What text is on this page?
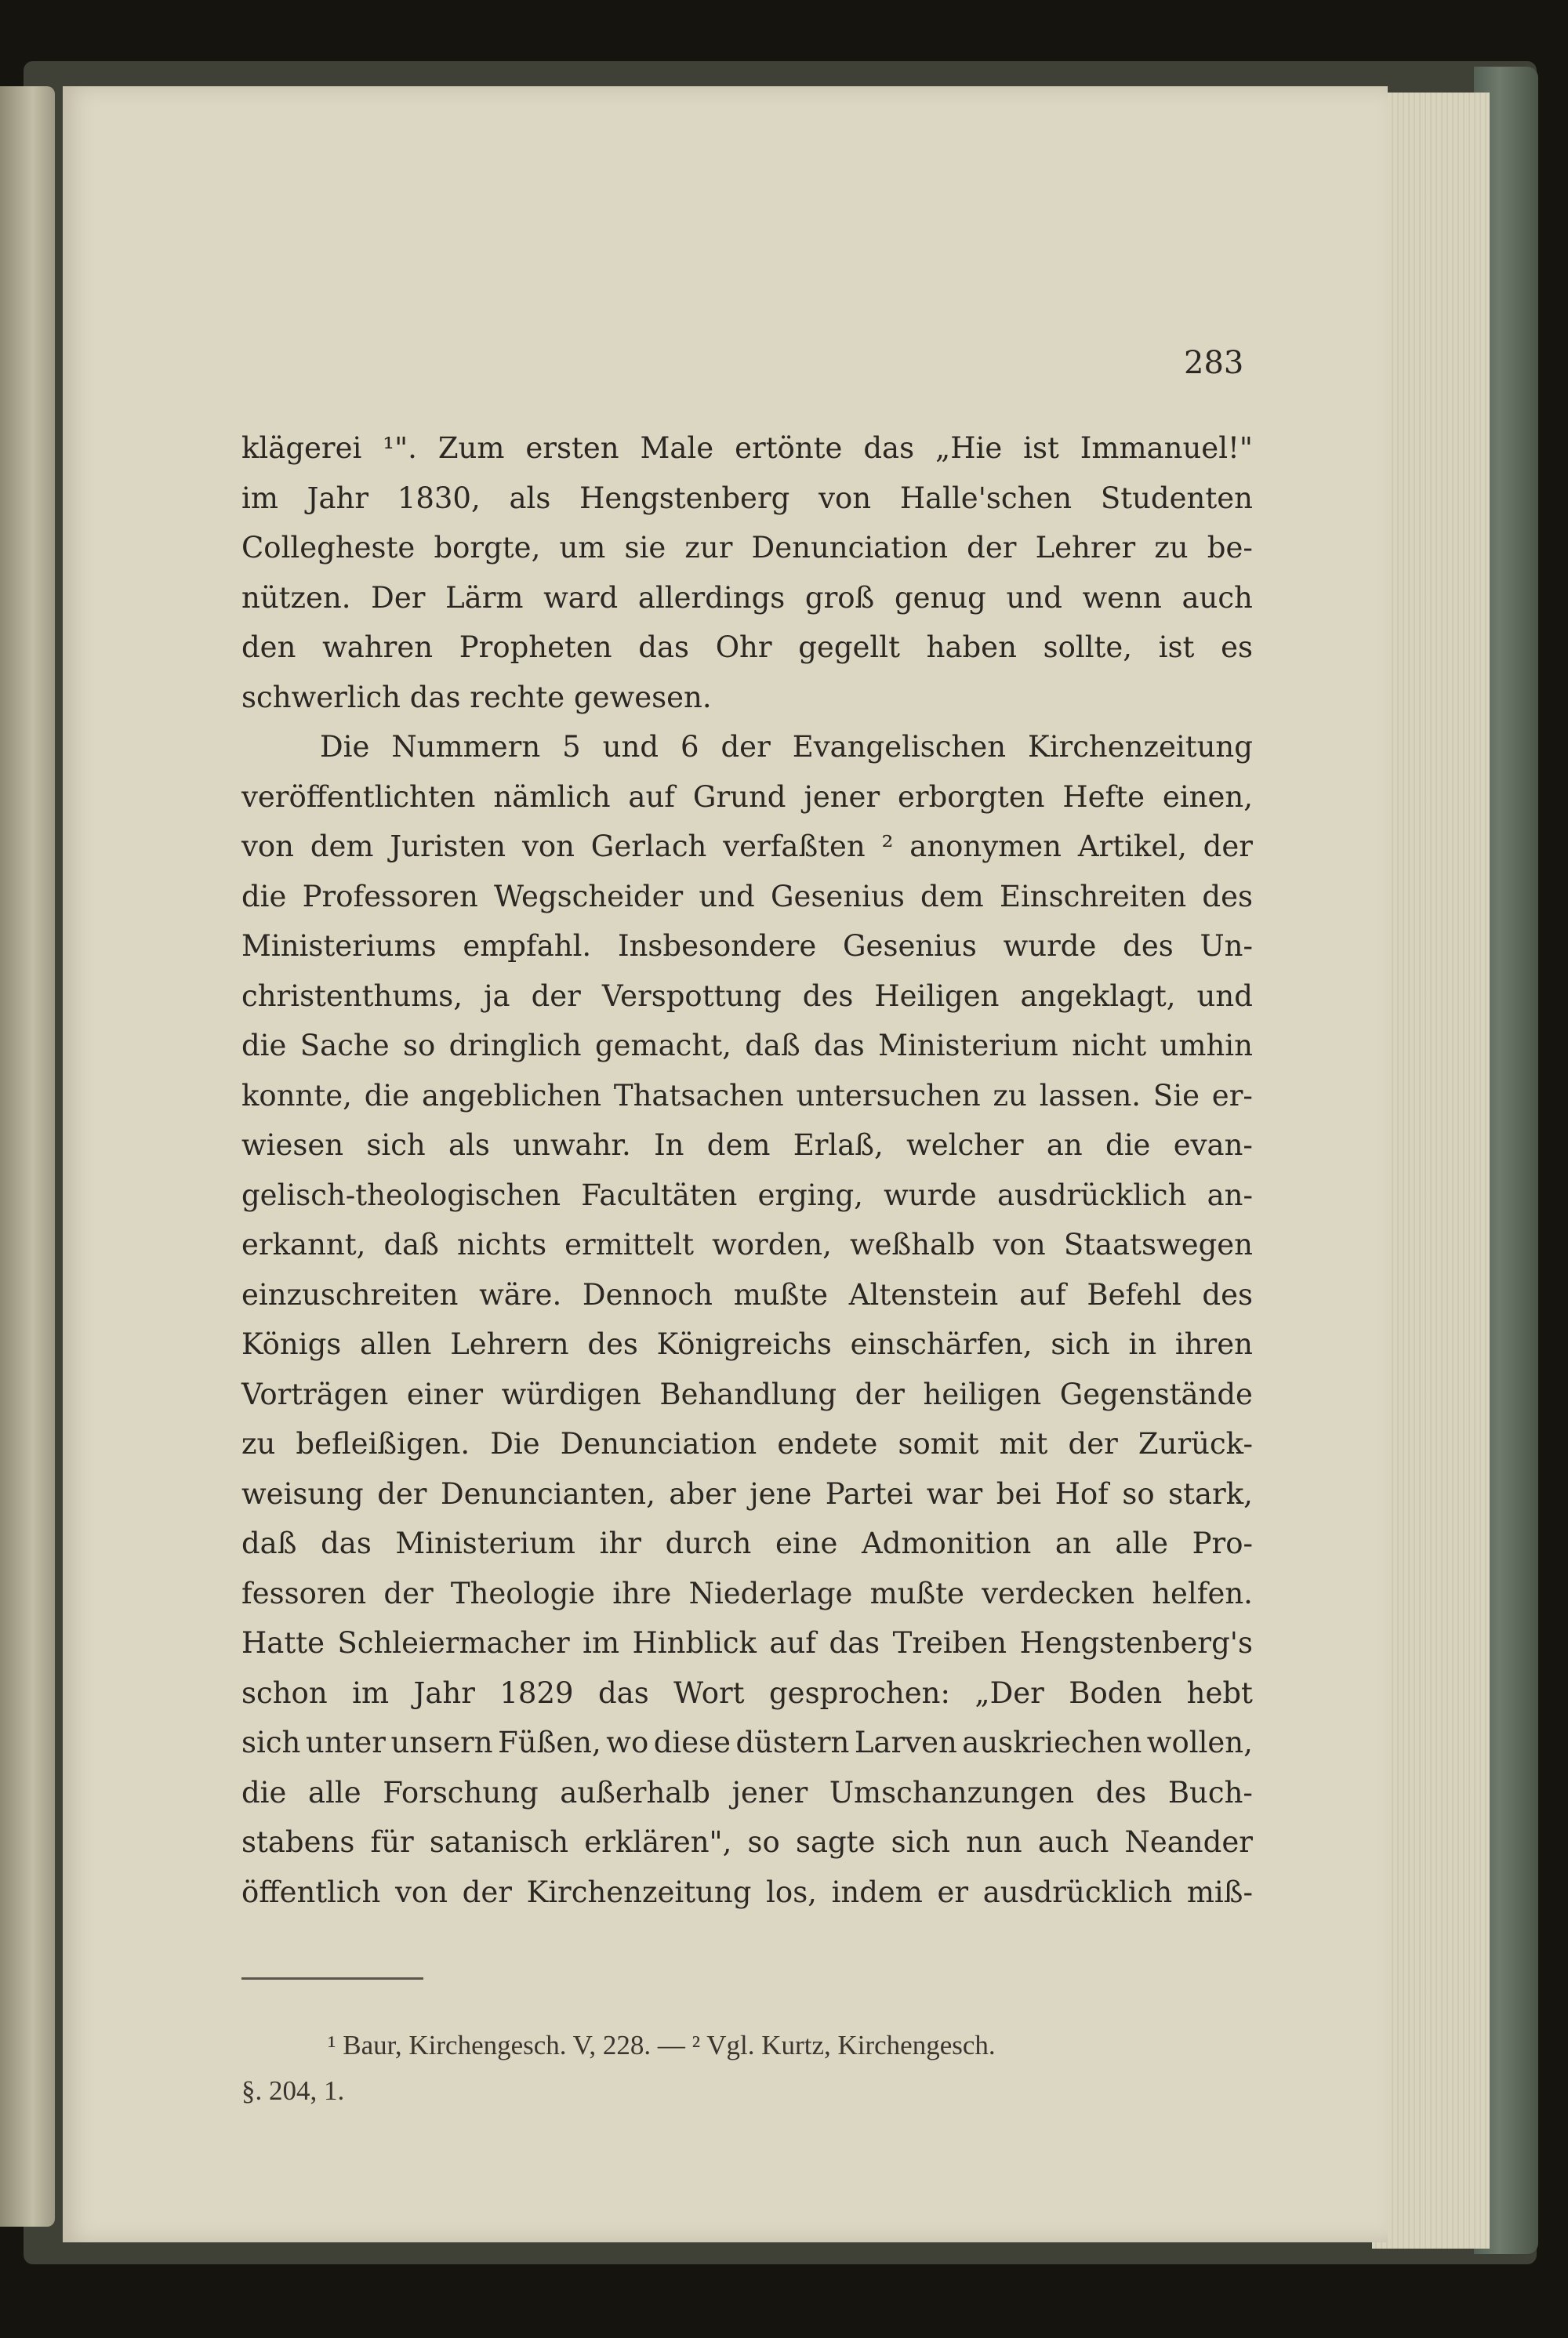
283
klägerei ¹". Zum ersten Male ertönte das „Hie ist Immanuel!"
im Jahr 1830, als Hengstenberg von Halle'schen Studenten
Collegheste borgte, um sie zur Denunciation der Lehrer zu be-
nützen. Der Lärm ward allerdings groß genug und wenn auch
den wahren Propheten das Ohr gegellt haben sollte, ist es
schwerlich
das
rechte
gewesen.

Die Nummern 5 und 6 der Evangelischen Kirchenzeitung
veröffentlichten nämlich auf Grund jener erborgten Hefte einen,
von dem Juristen von Gerlach verfaßten ² anonymen Artikel, der
die Professoren Wegscheider und Gesenius dem Einschreiten des
Ministeriums empfahl. Insbesondere Gesenius wurde des Un-
christenthums, ja der Verspottung des Heiligen angeklagt, und
die Sache so dringlich gemacht, daß das Ministerium nicht umhin
konnte, die angeblichen Thatsachen untersuchen zu lassen. Sie er-
wiesen sich als unwahr. In dem Erlaß, welcher an die evan-
gelisch-theologischen Facultäten erging, wurde ausdrücklich an-
erkannt, daß nichts ermittelt worden, weßhalb von Staatswegen
einzuschreiten wäre. Dennoch mußte Altenstein auf Befehl des
Königs allen Lehrern des Königreichs einschärfen, sich in ihren
Vorträgen einer würdigen Behandlung der heiligen Gegenstände
zu befleißigen. Die Denunciation endete somit mit der Zurück-
weisung der Denuncianten, aber jene Partei war bei Hof so stark,
daß das Ministerium ihr durch eine Admonition an alle Pro-
fessoren der Theologie ihre Niederlage mußte verdecken helfen.
Hatte Schleiermacher im Hinblick auf das Treiben Hengstenberg's
schon im Jahr 1829 das Wort gesprochen: „Der Boden hebt
sich unter unsern Füßen, wo diese düstern Larven auskriechen wollen,
die alle Forschung außerhalb jener Umschanzungen des Buch-
stabens für satanisch erklären", so sagte sich nun auch Neander
öffentlich von der Kirchenzeitung los, indem er ausdrücklich miß-
¹ Baur, Kirchengesch. V, 228. — ² Vgl. Kurtz, Kirchengesch.
§. 204, 1.
